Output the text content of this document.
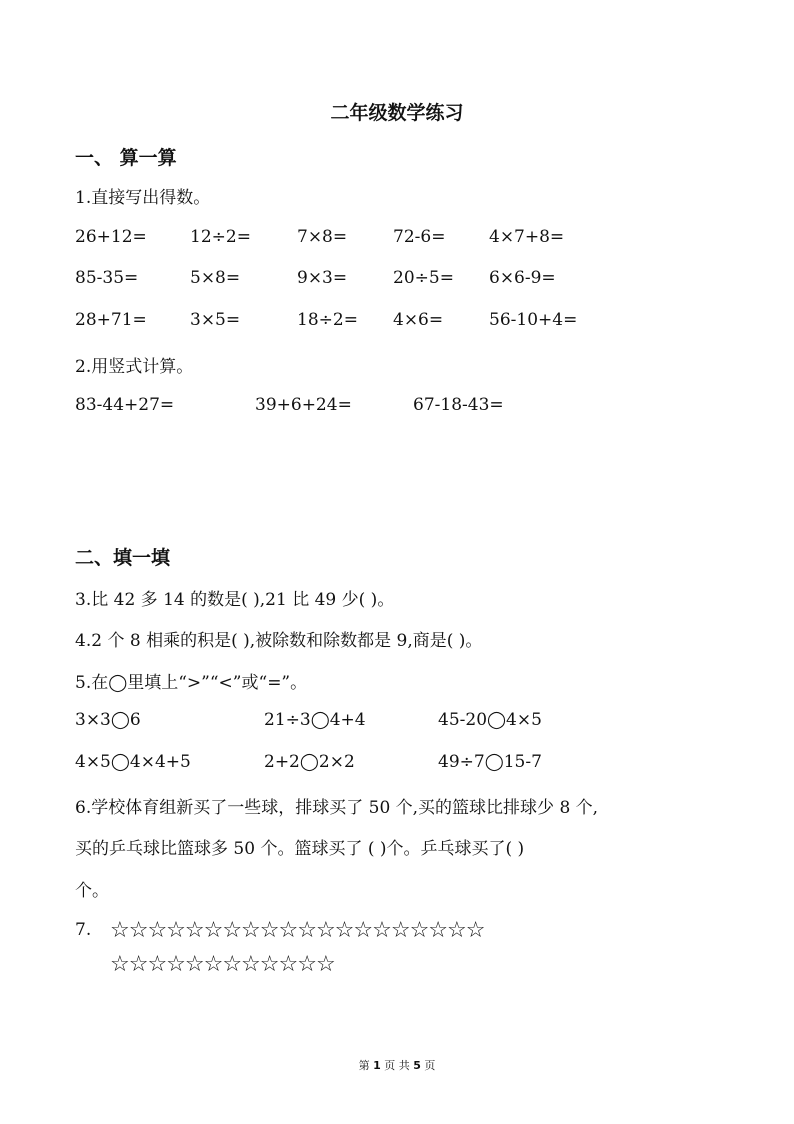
二年级数学练习
一、 算一算
1.直接写出得数。
26+12=	12÷2=	7×8=	72-6=	4×7+8=
85-35=	5×8=	9×3=	20÷5= 6×6-9=
28+71=	3×5=	18÷2= 4×6=	56-10+4=
2.用竖式计算。
83-44+27=	39+6+24=	67-18-43=
二、填一填
3.比 42 多 14 的数是( ),21 比 49 少( )。
4.2 个 8 相乘的积是( ),被除数和除数都是 9,商是( )。
5.在◯里填上“>”“<”或“=”。
3×3◯6	21÷3◯4+4	45-20◯4×5
4×5◯4×4+5	2+2◯2×2	49÷7◯15-7
6.学校体育组新买了一些球，排球买了 50 个,买的篮球比排球少 8 个,
买的乒乓球比篮球多 50 个。篮球买了 ( )个。乒乓球买了( )
个。
7. ☆☆☆☆☆☆☆☆☆☆☆☆☆☆☆☆☆☆☆☆
☆☆☆☆☆☆☆☆☆☆☆☆
第 1 页 共 5 页
